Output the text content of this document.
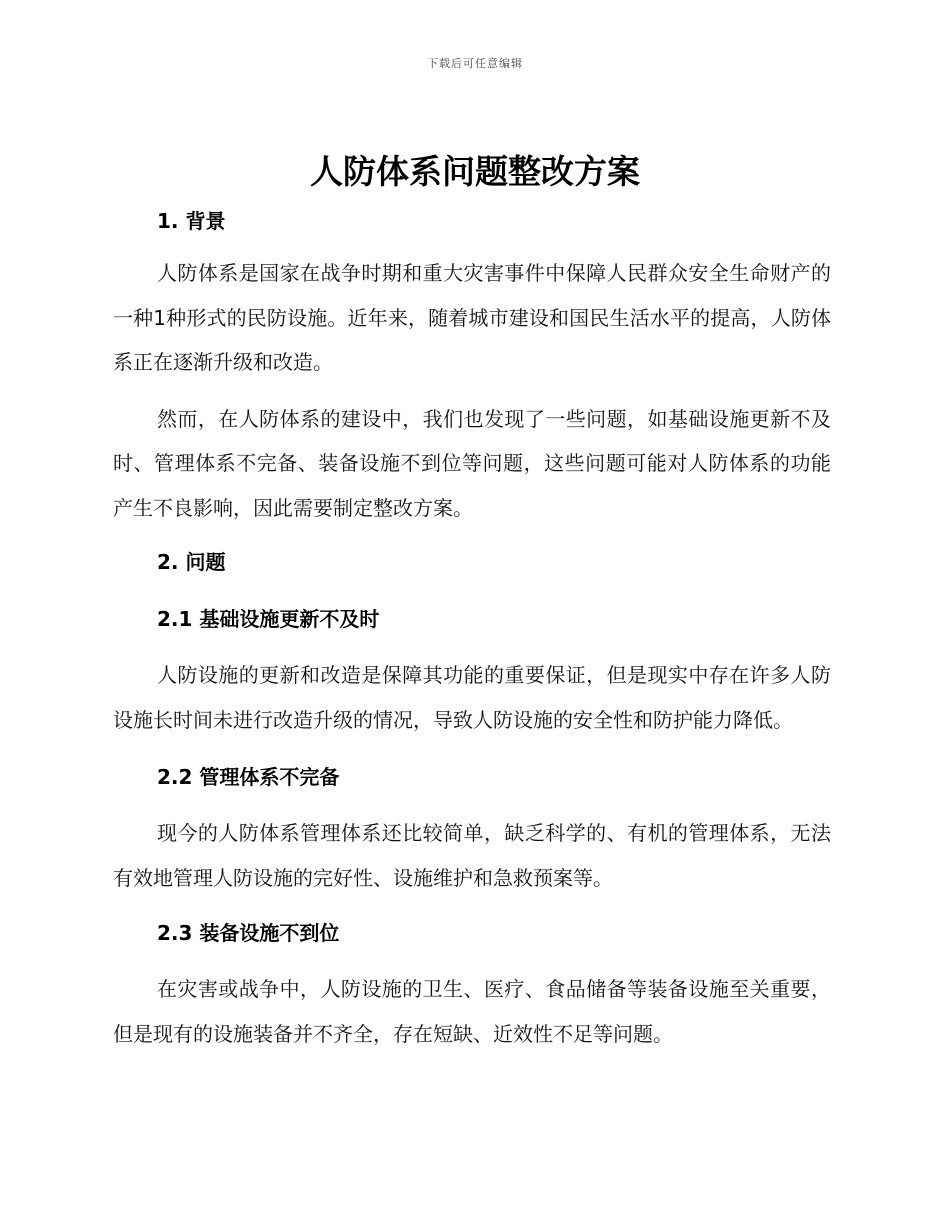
下载后可任意编辑
人防体系问题整改方案

1. 背景

人防体系是国家在战争时期和重大灾害事件中保障人民群众安全生命财产的一种1种形式的民防设施。近年来，随着城市建设和国民生活水平的提高，人防体系正在逐渐升级和改造。

然而，在人防体系的建设中，我们也发现了一些问题，如基础设施更新不及时、管理体系不完备、装备设施不到位等问题，这些问题可能对人防体系的功能产生不良影响，因此需要制定整改方案。

2. 问题

2.1 基础设施更新不及时

人防设施的更新和改造是保障其功能的重要保证，但是现实中存在许多人防设施长时间未进行改造升级的情况，导致人防设施的安全性和防护能力降低。

2.2 管理体系不完备

现今的人防体系管理体系还比较简单，缺乏科学的、有机的管理体系，无法有效地管理人防设施的完好性、设施维护和急救预案等。

2.3 装备设施不到位

在灾害或战争中，人防设施的卫生、医疗、食品储备等装备设施至关重要，但是现有的设施装备并不齐全，存在短缺、近效性不足等问题。
